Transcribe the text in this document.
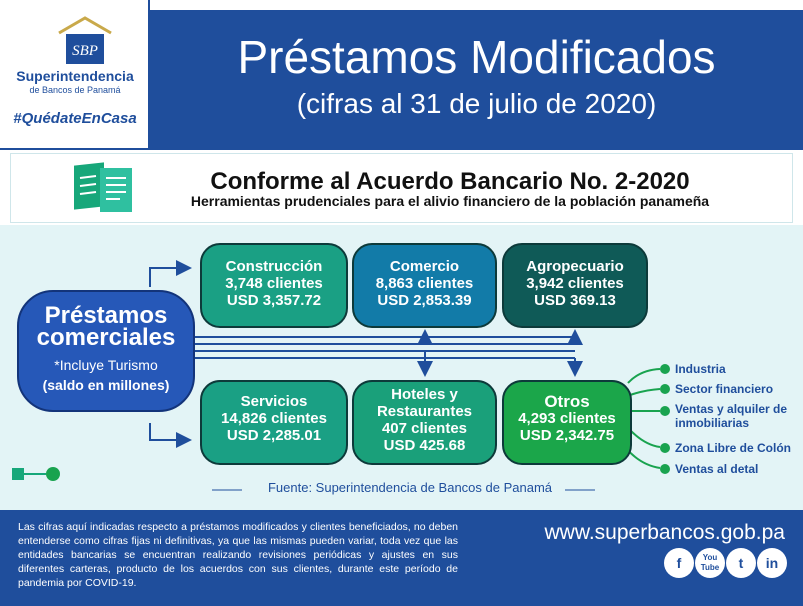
SBP
Superintendencia
de Bancos de Panamá
#QuédateEnCasa
Préstamos Modificados
(cifras al 31 de julio de 2020)
Conforme al Acuerdo Bancario No. 2-2020
Herramientas prudenciales para el alivio financiero de la población panameña
Préstamos
comerciales
*Incluye Turismo
(saldo en millones)
Construcción
3,748 clientes
USD 3,357.72
Comercio
8,863 clientes
USD 2,853.39
Agropecuario
3,942 clientes
USD 369.13
Servicios
14,826 clientes
USD 2,285.01
Hoteles y
Restaurantes
407 clientes
USD 425.68
Otros
4,293 clientes
USD 2,342.75
Industria
Sector financiero
Ventas y alquiler de
inmobiliarias
Zona Libre de Colón
Ventas al detal
Fuente: Superintendencia de Bancos de Panamá
Las cifras aquí indicadas respecto a préstamos modificados y clientes beneficiados, no deben entenderse como cifras fijas ni definitivas, ya que las mismas pueden variar, toda vez que las entidades bancarias se encuentran realizando revisiones periódicas y ajustes en sus diferentes carteras, producto de los acuerdos con sus clientes, durante este período de pandemia por COVID-19.
www.superbancos.gob.pa
f	You Tube	t	in
